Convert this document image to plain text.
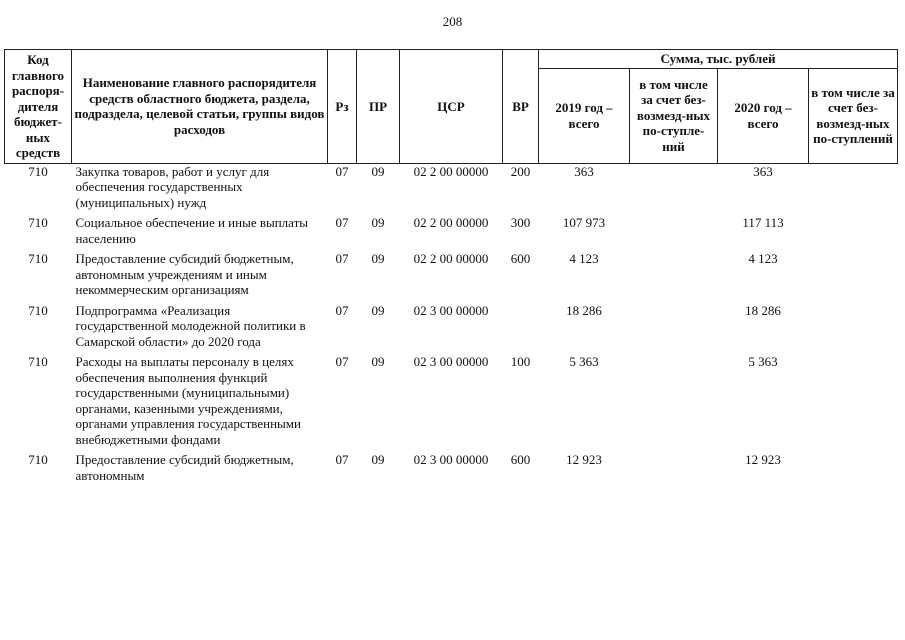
208
Код главного распоря-дителя бюджет-ных средств	Наименование главного распорядителя средств областного бюджета, раздела, подраздела, целевой статьи, группы видов расходов	Рз	ПР	ЦСР	ВР	Сумма, тыс. рублей			
						2019 год – всего	в том числе за счет без-возмезд-ных по-ступле-ний	2020 год – всего	в том числе за счет без-возмезд-ных по-ступлений
710	Закупка товаров, работ и услуг для обеспечения государственных (муниципальных) нужд	07	09	02 2 00 00000	200	363		363	
710	Социальное обеспечение и иные выплаты населению	07	09	02 2 00 00000	300	107 973		117 113	
710	Предоставление субсидий бюджетным, автономным учреждениям и иным некоммерческим организациям	07	09	02 2 00 00000	600	4 123		4 123	
710	Подпрограмма «Реализация государственной молодежной политики в Самарской области» до 2020 года	07	09	02 3 00 00000		18 286		18 286	
710	Расходы на выплаты персоналу в целях обеспечения выполнения функций государственными (муниципальными) органами, казенными учреждениями, органами управления государственными внебюджетными фондами	07	09	02 3 00 00000	100	5 363		5 363	
710	Предоставление субсидий бюджетным, автономным	07	09	02 3 00 00000	600	12 923		12 923	
